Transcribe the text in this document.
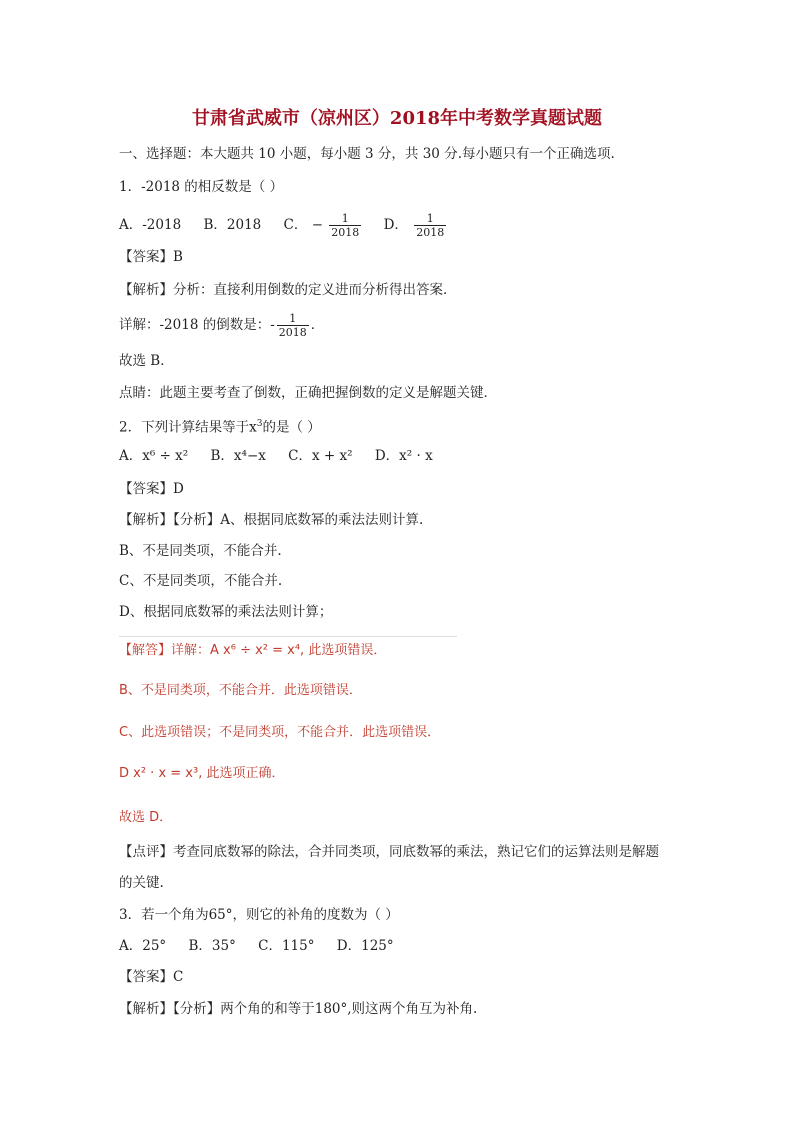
甘肃省武威市（凉州区）2018年中考数学真题试题
一、选择题：本大题共 10 小题，每小题 3 分，共 30 分.每小题只有一个正确选项.
1．-2018 的相反数是（ ）
A．-2018 B．2018 C． − $\frac{1}{2018}$ D． $\frac{1}{2018}$
【答案】B
【解析】分析：直接利用倒数的定义进而分析得出答案．
详解：-2018 的倒数是：- $\frac{1}{2018}$ ．
故选 B．
点睛：此题主要考查了倒数，正确把握倒数的定义是解题关键．
2．下列计算结果等于$x^3$的是（ ）
A．x⁶ ÷ x² B．x⁴−x C．x + x² D．x² · x
【答案】D
【解析】【分析】A、根据同底数幂的乘法法则计算.
B、不是同类项，不能合并.
C、不是同类项，不能合并.
D、根据同底数幂的乘法法则计算；
【解答】详解：A x⁶ ÷ x² = x⁴, 此选项错误．
B、不是同类项，不能合并．此选项错误．
C、此选项错误；不是同类项，不能合并．此选项错误．
D x² · x = x³, 此选项正确．
故选 D．
【点评】考查同底数幂的除法，合并同类项，同底数幂的乘法，熟记它们的运算法则是解题
的关键.
3．若一个角为65°，则它的补角的度数为（ ）
A．25° B．35° C．115° D．125°
【答案】C
【解析】【分析】两个角的和等于180°,则这两个角互为补角.
